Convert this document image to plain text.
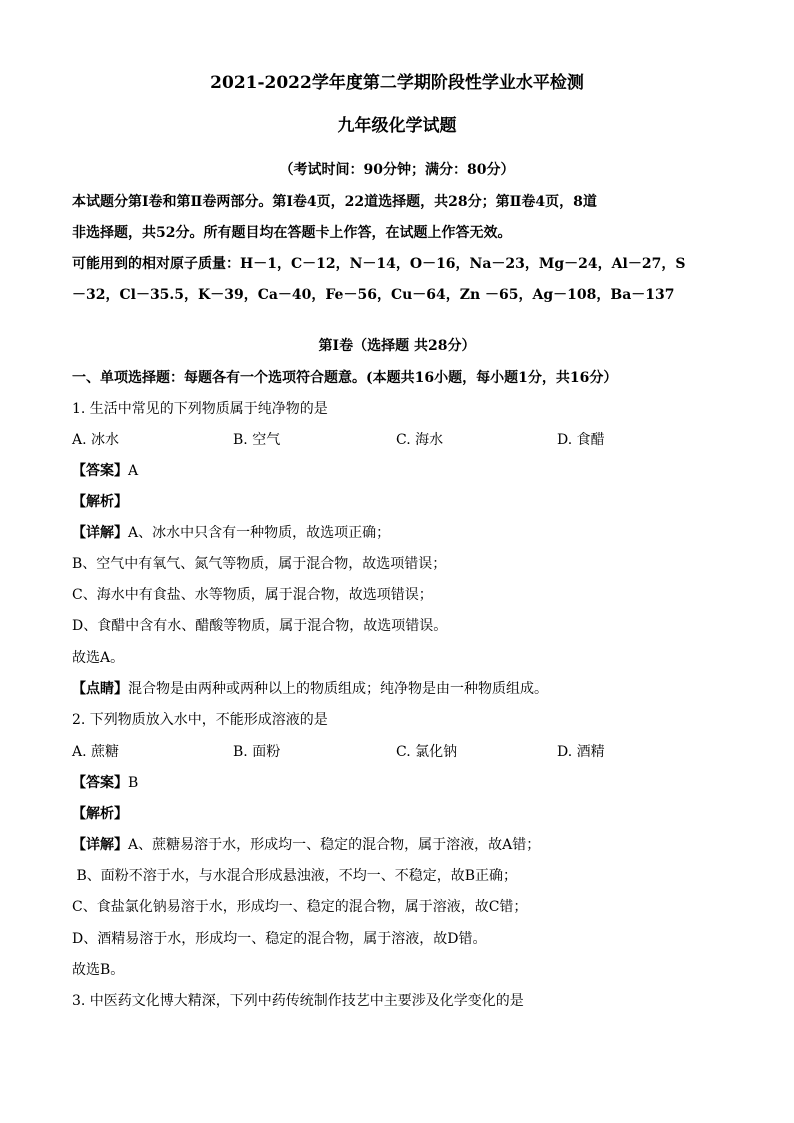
2021-2022学年度第二学期阶段性学业水平检测
九年级化学试题
（考试时间：90分钟；满分：80分）
本试题分第Ⅰ卷和第Ⅱ卷两部分。第Ⅰ卷4页，22道选择题，共28分；第Ⅱ卷4页，8道
非选择题，共52分。所有题目均在答题卡上作答，在试题上作答无效。
可能用到的相对原子质量：H－1，C－12，N－14，O－16，Na－23，Mg－24，Al－27，S
－32，Cl－35.5，K－39，Ca－40，Fe－56，Cu－64，Zn －65，Ag－108，Ba－137
第Ⅰ卷（选择题 共28分）
一、单项选择题：每题各有一个选项符合题意。(本题共16小题，每小题1分，共16分）
1. 生活中常见的下列物质属于纯净物的是
A. 冰水	B. 空气	C. 海水	D. 食醋
【答案】A
【解析】
【详解】A、冰水中只含有一种物质，故选项正确；
B、空气中有氧气、氮气等物质，属于混合物，故选项错误；
C、海水中有食盐、水等物质，属于混合物，故选项错误；
D、食醋中含有水、醋酸等物质，属于混合物，故选项错误。
故选A。
【点睛】混合物是由两种或两种以上的物质组成；纯净物是由一种物质组成。
2. 下列物质放入水中，不能形成溶液的是
A. 蔗糖	B. 面粉	C. 氯化钠	D. 酒精
【答案】B
【解析】
【详解】A、蔗糖易溶于水，形成均一、稳定的混合物，属于溶液，故A错；
B、面粉不溶于水，与水混合形成悬浊液，不均一、不稳定，故B正确；
C、食盐氯化钠易溶于水，形成均一、稳定的混合物，属于溶液，故C错；
D、酒精易溶于水，形成均一、稳定的混合物，属于溶液，故D错。
故选B。
3. 中医药文化博大精深，下列中药传统制作技艺中主要涉及化学变化的是
